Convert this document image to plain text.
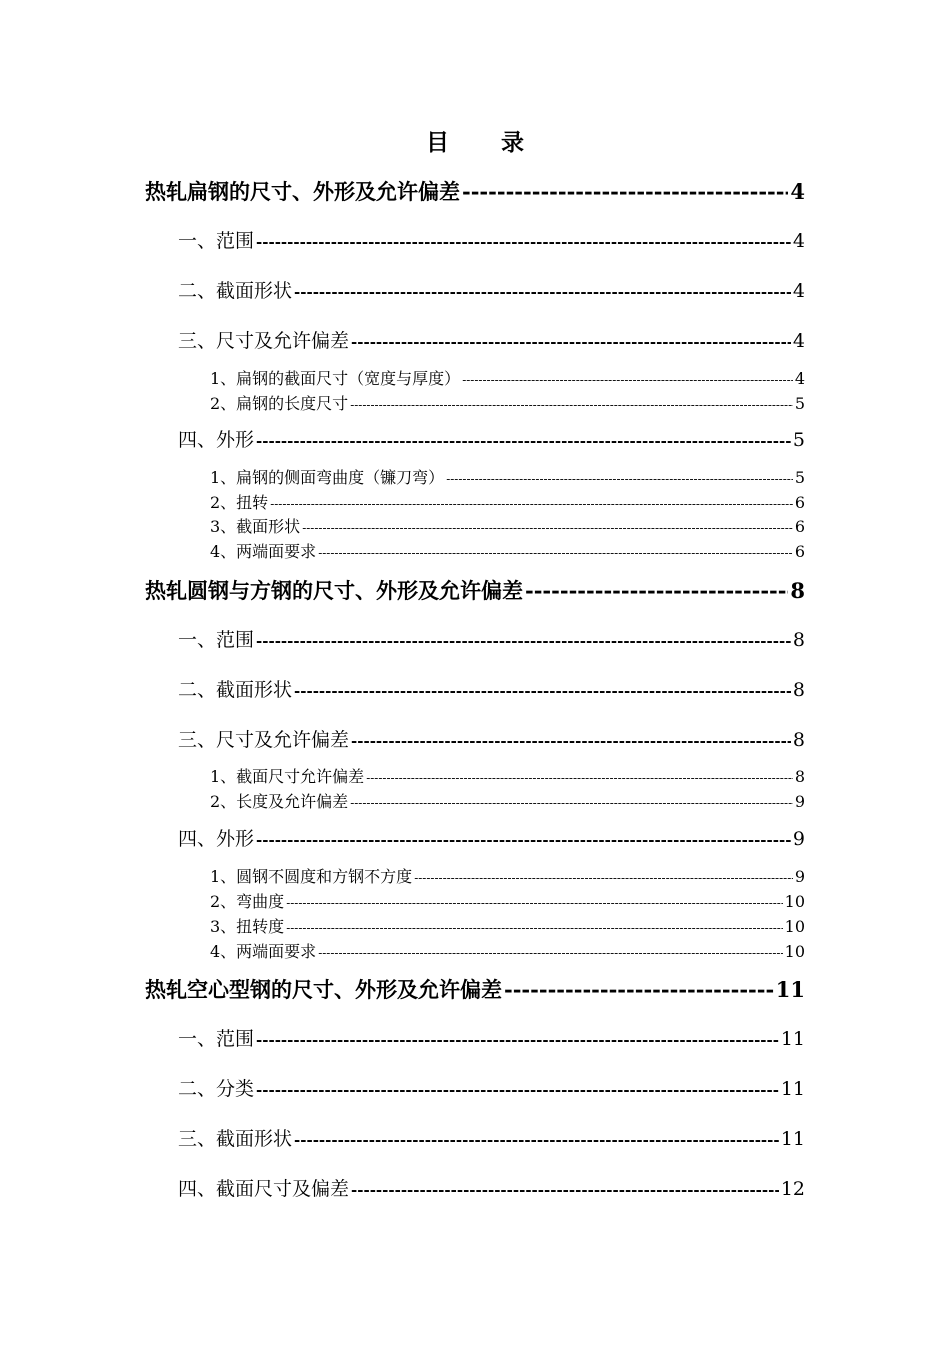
目 录
热轧扁钢的尺寸、外形及允许偏差 -----	4
一、范围 -----	4
二、截面形状 -----	4
三、尺寸及允许偏差 -----	4
1、扁钢的截面尺寸（宽度与厚度） -----	4
2、扁钢的长度尺寸 -----	5
四、外形 -----	5
1、扁钢的侧面弯曲度（镰刀弯） -----	5
2、扭转 -----	6
3、截面形状 -----	6
4、两端面要求 -----	6
热轧圆钢与方钢的尺寸、外形及允许偏差 -----	8
一、范围 -----	8
二、截面形状 -----	8
三、尺寸及允许偏差 -----	8
1、截面尺寸允许偏差 -----	8
2、长度及允许偏差 -----	9
四、外形 -----	9
1、圆钢不圆度和方钢不方度 -----	9
2、弯曲度 -----	10
3、扭转度 -----	10
4、两端面要求 -----	10
热轧空心型钢的尺寸、外形及允许偏差 -----	11
一、范围 -----	11
二、分类 -----	11
三、截面形状 -----	11
四、截面尺寸及偏差 -----	12
